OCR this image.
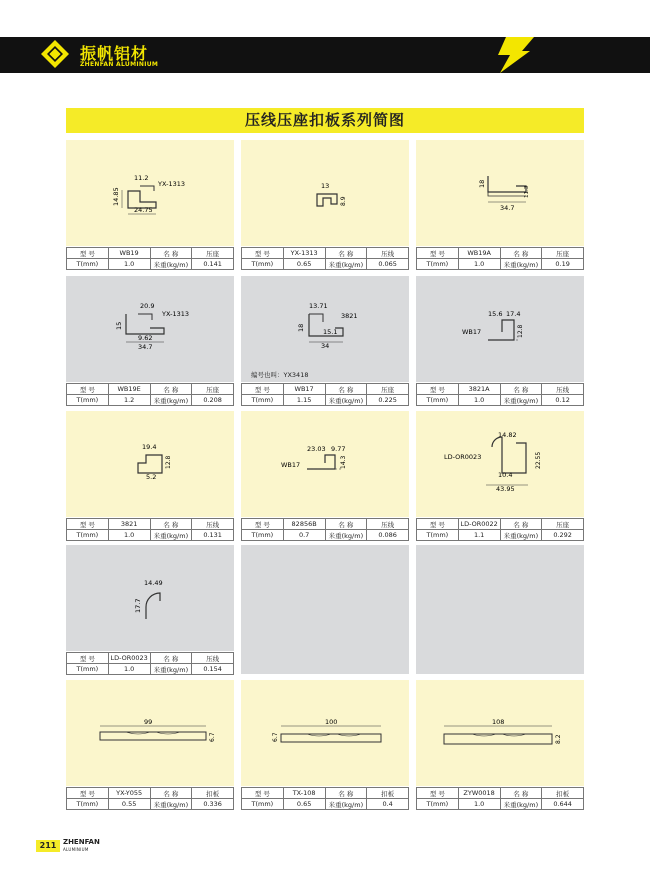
振帆铝材
ZHENFAN ALUMINIUM
压线压座扣板系列简图
11.2
YX-1313
14.85
24.75
型 号	WB19	名 称	压座
T(mm)	1.0	米重(kg/m)	0.141
13
8.9
型 号	YX-1313	名 称	压线
T(mm)	0.65	米重(kg/m)	0.065
18
11.3
34.7
型 号	WB19A	名 称	压座
T(mm)	1.0	米重(kg/m)	0.19
20.9
YX-1313
15
9.62
34.7
型 号	WB19E	名 称	压座
T(mm)	1.2	米重(kg/m)	0.208
13.71
3821
18	15.1
34
编号也叫：YX3418
型 号	WB17	名 称	压座
T(mm)	1.15	米重(kg/m)	0.225
15.6 17.4
WB17	12.8
型 号	3821A	名 称	压线
T(mm)	1.0	米重(kg/m)	0.12
19.4
12.8
5.2
型 号	3821	名 称	压线
T(mm)	1.0	米重(kg/m)	0.131
23.03 9.77
WB17	14.3
型 号	82856B	名 称	压线
T(mm)	0.7	米重(kg/m)	0.086
14.82
LD-OR0023	22.55
10.4
43.95
型 号	LD-OR0022	名 称	压座
T(mm)	1.1	米重(kg/m)	0.292
14.49
17.7
型 号	LD-OR0023	名 称	压线
T(mm)	1.0	米重(kg/m)	0.154
99
6.7
型 号	YX-Y055	名 称	扣板
T(mm)	0.55	米重(kg/m)	0.336
100
6.7
型 号	TX-108	名 称	扣板
T(mm)	0.65	米重(kg/m)	0.4
108
8.2
型 号	ZYW0018	名 称	扣板
T(mm)	1.0	米重(kg/m)	0.644
211 ZHENFAN
ALUMINIUM
